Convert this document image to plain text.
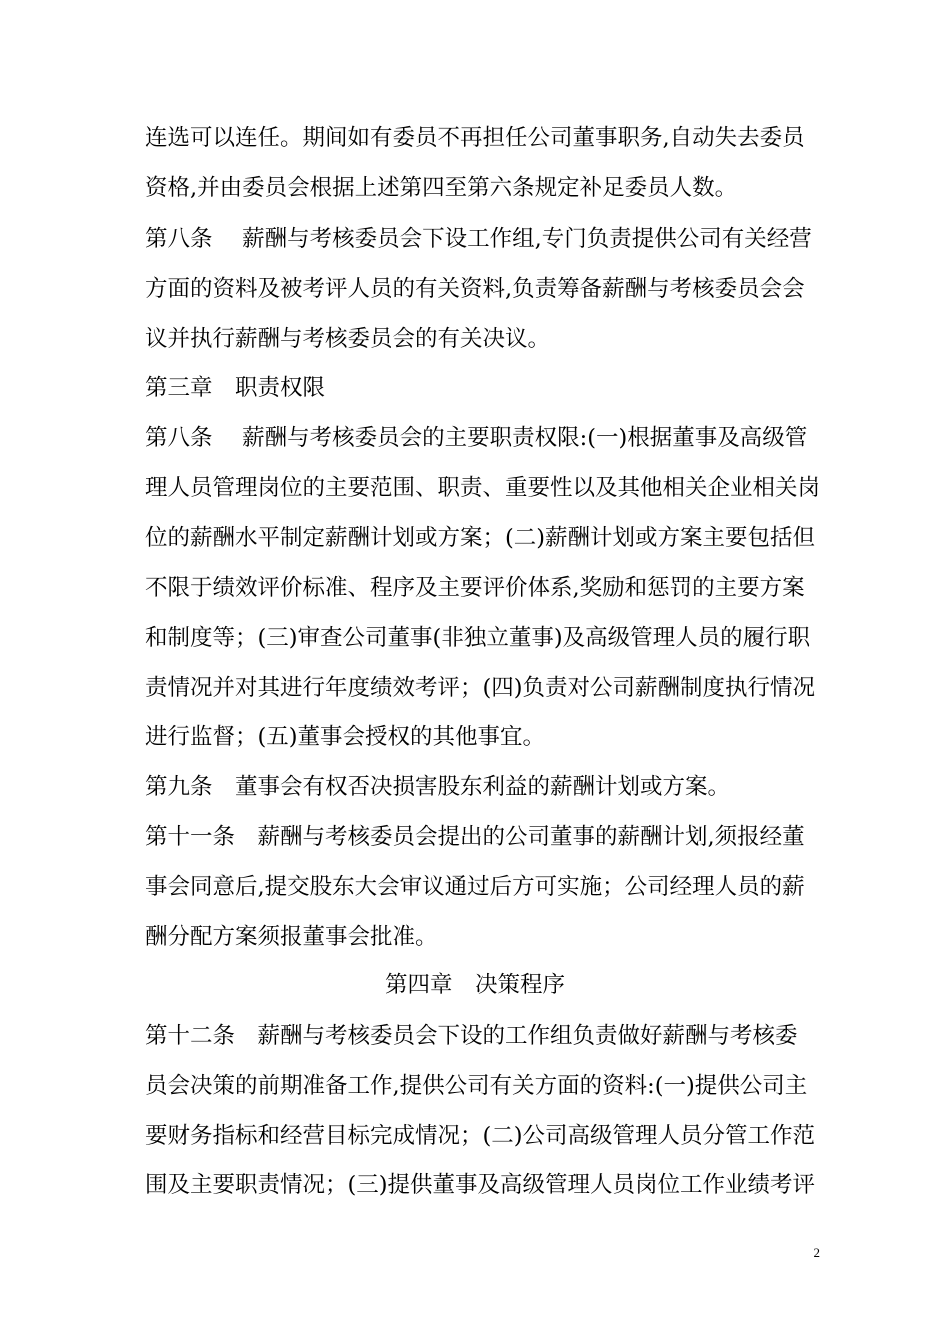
连选可以连任。期间如有委员不再担任公司董事职务,自动失去委员
资格,并由委员会根据上述第四至第六条规定补足委员人数。
第八条　 薪酬与考核委员会下设工作组,专门负责提供公司有关经营
方面的资料及被考评人员的有关资料,负责筹备薪酬与考核委员会会
议并执行薪酬与考核委员会的有关决议。
第三章　职责权限
第八条　 薪酬与考核委员会的主要职责权限:(一)根据董事及高级管
理人员管理岗位的主要范围、职责、重要性以及其他相关企业相关岗
位的薪酬水平制定薪酬计划或方案；(二)薪酬计划或方案主要包括但
不限于绩效评价标准、程序及主要评价体系,奖励和惩罚的主要方案
和制度等；(三)审查公司董事(非独立董事)及高级管理人员的履行职
责情况并对其进行年度绩效考评；(四)负责对公司薪酬制度执行情况
进行监督；(五)董事会授权的其他事宜。
第九条　董事会有权否决损害股东利益的薪酬计划或方案。
第十一条　薪酬与考核委员会提出的公司董事的薪酬计划,须报经董
事会同意后,提交股东大会审议通过后方可实施；公司经理人员的薪
酬分配方案须报董事会批准。
第四章　决策程序
第十二条　薪酬与考核委员会下设的工作组负责做好薪酬与考核委
员会决策的前期准备工作,提供公司有关方面的资料:(一)提供公司主
要财务指标和经营目标完成情况；(二)公司高级管理人员分管工作范
围及主要职责情况；(三)提供董事及高级管理人员岗位工作业绩考评
2
